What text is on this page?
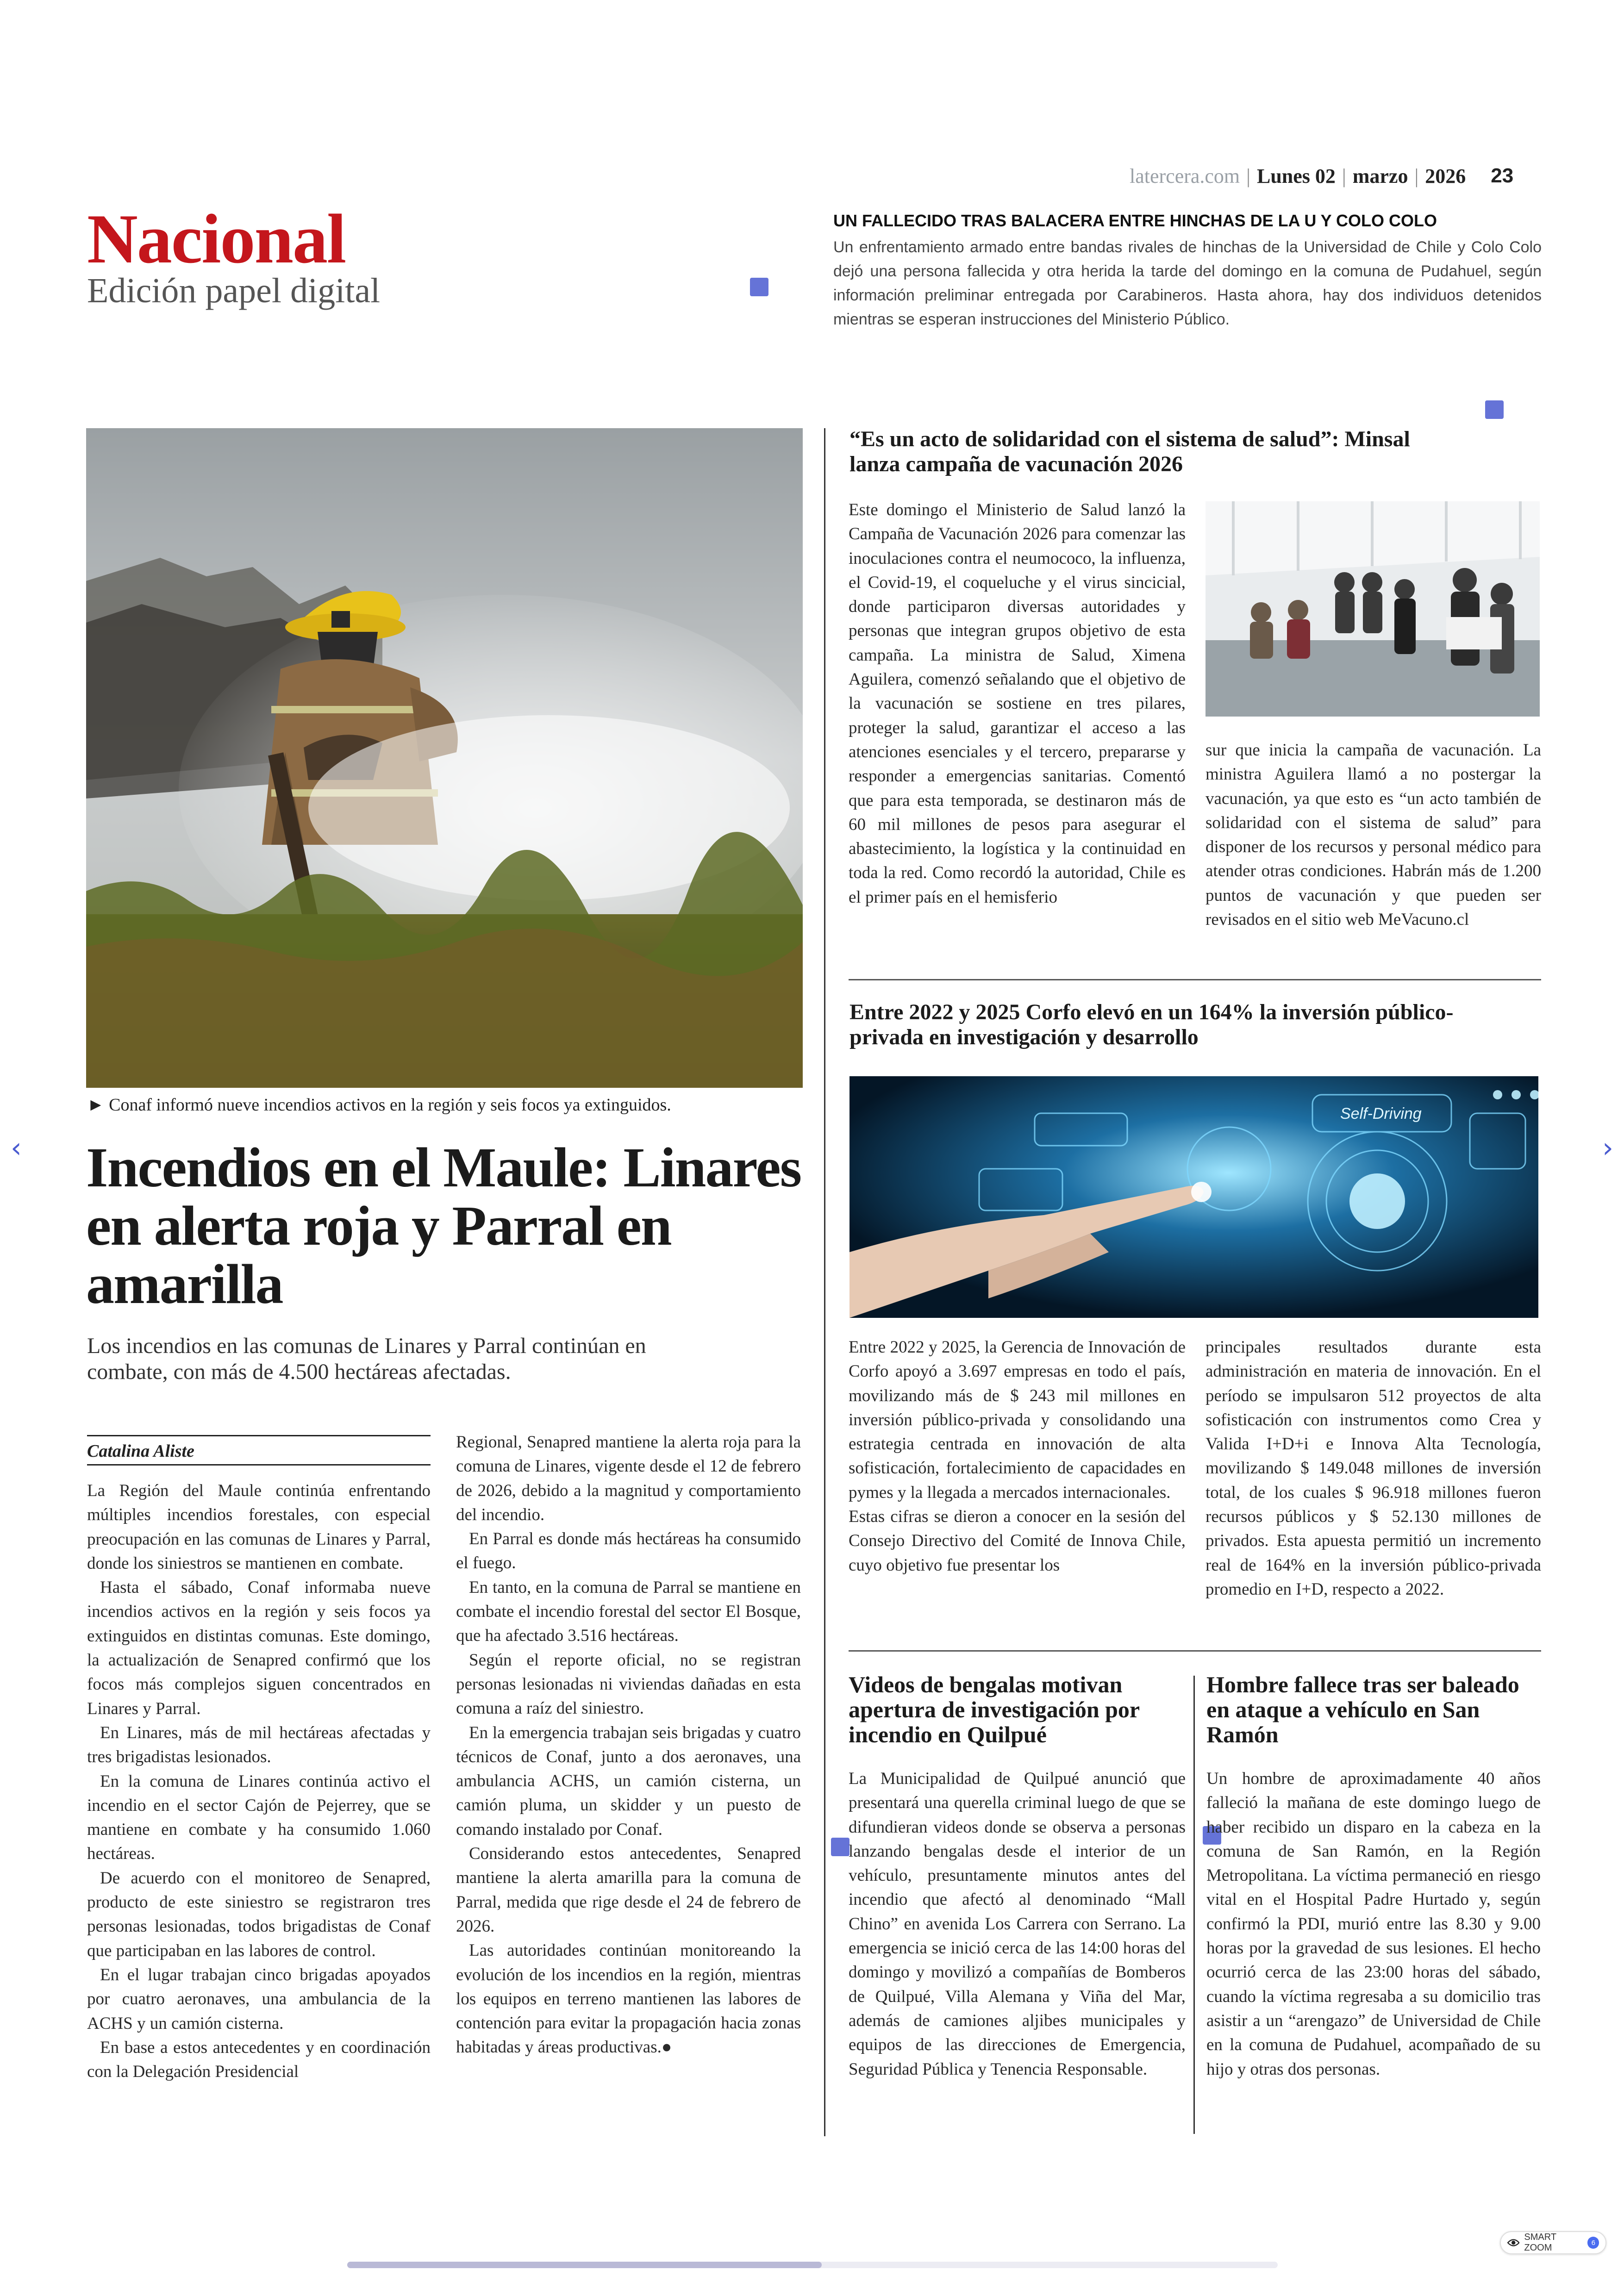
latercera.com | Lunes 02 | marzo | 2026 23
Nacional
Edición papel digital
UN FALLECIDO TRAS BALACERA ENTRE HINCHAS DE LA U Y COLO COLO

Un enfrentamiento armado entre bandas rivales de hinchas de la Universidad de Chile y Colo Colo dejó una persona fallecida y otra herida la tarde del domingo en la comuna de Pudahuel, según información preliminar entregada por Carabineros. Hasta ahora, hay dos individuos detenidos mientras se esperan instrucciones del Ministerio Público.

► Conaf informó nueve incendios activos en la región y seis focos ya extinguidos.
Incendios en el Maule: Linares en alerta roja y Parral en amarilla
Los incendios en las comunas de Linares y Parral continúan en combate, con más de 4.500 hectáreas afectadas.
Catalina Aliste

La Región del Maule continúa enfrentando múltiples incendios forestales, con especial preocupación en las comunas de Linares y Parral, donde los siniestros se mantienen en combate.

Hasta el sábado, Conaf informaba nueve incendios activos en la región y seis focos ya extinguidos en distintas comunas. Este domingo, la actualización de Senapred confirmó que los focos más complejos siguen concentrados en Linares y Parral.

En Linares, más de mil hectáreas afectadas y tres brigadistas lesionados.

En la comuna de Linares continúa activo el incendio en el sector Cajón de Pejerrey, que se mantiene en combate y ha consumido 1.060 hectáreas.

De acuerdo con el monitoreo de Senapred, producto de este siniestro se registraron tres personas lesionadas, todos brigadistas de Conaf que participaban en las labores de control.

En el lugar trabajan cinco brigadas apoyados por cuatro aeronaves, una ambulancia de la ACHS y un camión cisterna.

En base a estos antecedentes y en coordinación con la Delegación Presidencial

Regional, Senapred mantiene la alerta roja para la comuna de Linares, vigente desde el 12 de febrero de 2026, debido a la magnitud y comportamiento del incendio.

En Parral es donde más hectáreas ha consumido el fuego.

En tanto, en la comuna de Parral se mantiene en combate el incendio forestal del sector El Bosque, que ha afectado 3.516 hectáreas.

Según el reporte oficial, no se registran personas lesionadas ni viviendas dañadas en esta comuna a raíz del siniestro.

En la emergencia trabajan seis brigadas y cuatro técnicos de Conaf, junto a dos aeronaves, una ambulancia ACHS, un camión cisterna, un camión pluma, un skidder y un puesto de comando instalado por Conaf.

Considerando estos antecedentes, Senapred mantiene la alerta amarilla para la comuna de Parral, medida que rige desde el 24 de febrero de 2026.

Las autoridades continúan monitoreando la evolución de los incendios en la región, mientras los equipos en terreno mantienen las labores de contención para evitar la propagación hacia zonas habitadas y áreas productivas.●

“Es un acto de solidaridad con el sistema de salud”: Minsal lanza campaña de vacunación 2026

Este domingo el Ministerio de Salud lanzó la Campaña de Vacunación 2026 para comenzar las inoculaciones contra el neumococo, la influenza, el Covid-19, el coqueluche y el virus sincicial, donde participaron diversas autoridades y personas que integran grupos objetivo de esta campaña. La ministra de Salud, Ximena Aguilera, comenzó señalando que el objetivo de la vacunación se sostiene en tres pilares, proteger la salud, garantizar el acceso a las atenciones esenciales y el tercero, prepararse y responder a emergencias sanitarias. Comentó que para esta temporada, se destinaron más de 60 mil millones de pesos para asegurar el abastecimiento, la logística y la continuidad en toda la red. Como recordó la autoridad, Chile es el primer país en el hemisferio

sur que inicia la campaña de vacunación. La ministra Aguilera llamó a no postergar la vacunación, ya que esto es “un acto también de solidaridad con el sistema de salud” para disponer de los recursos y personal médico para atender otras condiciones. Habrán más de 1.200 puntos de vacunación y que pueden ser revisados en el sitio web MeVacuno.cl

Entre 2022 y 2025 Corfo elevó en un 164% la inversión público-privada en investigación y desarrollo
Self-Driving

Entre 2022 y 2025, la Gerencia de Innovación de Corfo apoyó a 3.697 empresas en todo el país, movilizando más de $ 243 mil millones en inversión público-privada y consolidando una estrategia centrada en innovación de alta sofisticación, fortalecimiento de capacidades en pymes y la llegada a mercados internacionales.

Estas cifras se dieron a conocer en la sesión del Consejo Directivo del Comité de Innova Chile, cuyo objetivo fue presentar los

principales resultados durante esta administración en materia de innovación. En el período se impulsaron 512 proyectos de alta sofisticación con instrumentos como Crea y Valida I+D+i e Innova Alta Tecnología, movilizando $ 149.048 millones de inversión total, de los cuales $ 96.918 millones fueron recursos públicos y $ 52.130 millones de privados. Esta apuesta permitió un incremento real de 164% en la inversión público-privada promedio en I+D, respecto a 2022.

Videos de bengalas motivan apertura de investigación por incendio en Quilpué

La Municipalidad de Quilpué anunció que presentará una querella criminal luego de que se difundieran videos donde se observa a personas lanzando bengalas desde el interior de un vehículo, presuntamente minutos antes del incendio que afectó al denominado “Mall Chino” en avenida Los Carrera con Serrano. La emergencia se inició cerca de las 14:00 horas del domingo y movilizó a compañías de Bomberos de Quilpué, Villa Alemana y Viña del Mar, además de camiones aljibes municipales y equipos de las direcciones de Emergencia, Seguridad Pública y Tenencia Responsable.

Hombre fallece tras ser baleado en ataque a vehículo en San Ramón

Un hombre de aproximadamente 40 años falleció la mañana de este domingo luego de haber recibido un disparo en la cabeza en la comuna de San Ramón, en la Región Metropolitana. La víctima permaneció en riesgo vital en el Hospital Padre Hurtado y, según confirmó la PDI, murió entre las 8.30 y 9.00 horas por la gravedad de sus lesiones. El hecho ocurrió cerca de las 23:00 horas del sábado, cuando la víctima regresaba a su domicilio tras asistir a un “arengazo” de Universidad de Chile en la comuna de Pudahuel, acompañado de su hijo y otras dos personas.

‹	›
SMART ZOOM	6
